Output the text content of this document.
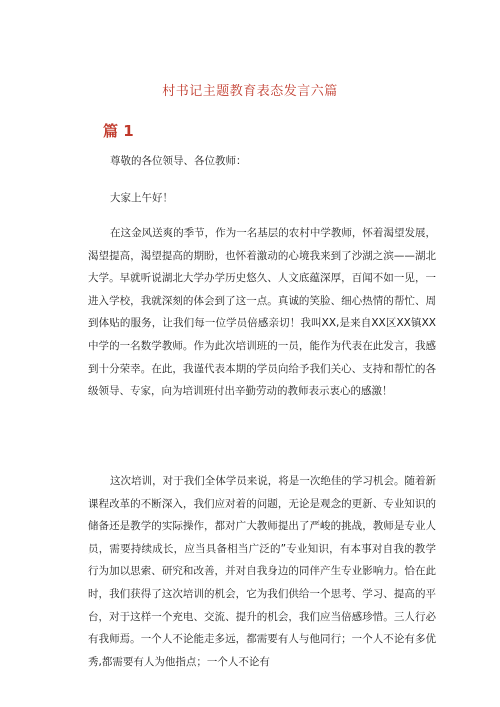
村书记主题教育表态发言六篇
篇 1

尊敬的各位领导、各位教师：

大家上午好！

在这金风送爽的季节，作为一名基层的农村中学教师，怀着渴望发展，渴望提高，渴望提高的期盼，也怀着激动的心境我来到了沙湖之滨——湖北大学。早就听说湖北大学办学历史悠久、人文底蕴深厚，百闻不如一见，一进入学校，我就深刻的体会到了这一点。真诚的笑脸、细心热情的帮忙、周到体贴的服务，让我们每一位学员倍感亲切！我叫XX,是来自XX区XX镇XX中学的一名数学教师。作为此次培训班的一员，能作为代表在此发言，我感到十分荣幸。在此，我谨代表本期的学员向给予我们关心、支持和帮忙的各级领导、专家，向为培训班付出辛勤劳动的教师表示衷心的感激！

这次培训，对于我们全体学员来说，将是一次绝佳的学习机会。随着新课程改革的不断深入，我们应对着的问题，无论是观念的更新、专业知识的储备还是教学的实际操作，都对广大教师提出了严峻的挑战，教师是专业人员，需要持续成长，应当具备相当广泛的”专业知识，有本事对自我的教学行为加以思索、研究和改善，并对自我身边的同伴产生专业影响力。恰在此时，我们获得了这次培训的机会，它为我们供给一个思考、学习、提高的平台，对于这样一个充电、交流、提升的机会，我们应当倍感珍惜。三人行必有我师焉。一个人不论能走多远，都需要有人与他同行；一个人不论有多优秀,都需要有人为他指点；一个人不论有
